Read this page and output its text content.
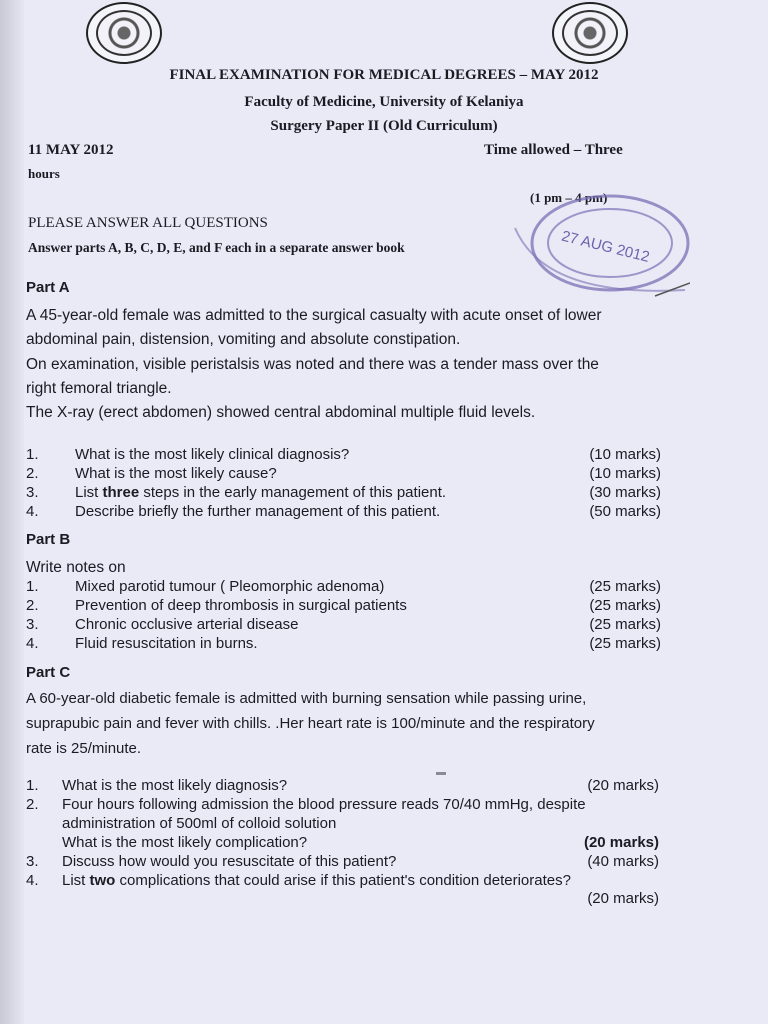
FINAL EXAMINATION FOR MEDICAL DEGREES – MAY 2012
Faculty of Medicine, University of Kelaniya
Surgery Paper II (Old Curriculum)
11 MAY 2012	Time allowed – Three
hours
(1 pm – 4 pm)
PLEASE ANSWER ALL QUESTIONS
Answer parts A, B, C, D, E, and F each in a separate answer book	27 AUG 2012
Part A
A 45-year-old female was admitted to the surgical casualty with acute onset of lower
abdominal pain, distension, vomiting and absolute constipation.
On examination, visible peristalsis was noted and there was a tender mass over the
right femoral triangle.
The X-ray (erect abdomen) showed central abdominal multiple fluid levels.
1. What is the most likely clinical diagnosis?	(10 marks)
2. What is the most likely cause?	(10 marks)
3. List three steps in the early management of this patient.	(30 marks)
4. Describe briefly the further management of this patient.	(50 marks)
Part B
Write notes on
1. Mixed parotid tumour ( Pleomorphic adenoma)	(25 marks)
2. Prevention of deep thrombosis in surgical patients	(25 marks)
3. Chronic occlusive arterial disease	(25 marks)
4. Fluid resuscitation in burns.	(25 marks)
Part C
A 60-year-old diabetic female is admitted with burning sensation while passing urine,
suprapubic pain and fever with chills. .Her heart rate is 100/minute and the respiratory
rate is 25/minute.
1. What is the most likely diagnosis?	(20 marks)
2. Four hours following admission the blood pressure reads 70/40 mmHg, despite
administration of 500ml of colloid solution
What is the most likely complication?	(20 marks)
3. Discuss how would you resuscitate of this patient?	(40 marks)
4. List two complications that could arise if this patient's condition deteriorates?
(20 marks)
